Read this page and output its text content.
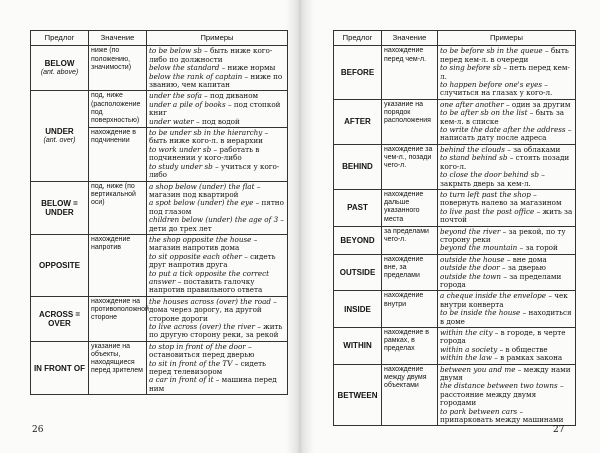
Предлог	Значение	Примеры
BELOW
(ant. above)	ниже (по положению, значимости)	to be below sb – быть ниже кого-либо по должности
below the standard – ниже нормы
below the rank of captain – ниже по званию, чем капитан

UNDER
(ant. over)	под, ниже (расположение под поверхностью)	under the sofa – под диваном
under a pile of books – под стопкой книг
under water – под водой

	нахождение в подчинении	to be under sb in the hierarchy – быть ниже кого-л. в иерархии
to work under sb – работать в подчинении у кого-либо
to study under sb – учиться у кого-либо

BELOW = UNDER	под, ниже (по вертикальной оси)	a shop below (under) the flat – магазин под квартирой
a spot below (under) the eye – пятно под глазом
children below (under) the age of 3 – дети до трех лет

OPPOSITE	нахождение напротив	the shop opposite the house – магазин напротив дома
to sit opposite each other – сидеть друг напротив друга
to put a tick opposite the correct answer – поставить галочку напротив правильного ответа

ACROSS = OVER	нахождение на противоположной стороне	the houses across (over) the road – дома через дорогу, на другой стороне дороги
to live across (over) the river – жить по другую сторону реки, за рекой

IN FRONT OF	указание на объекты, находящиеся перед зрителем	to stop in front of the door – остановиться перед дверью
to sit in front of the TV – сидеть перед телевизором
a car in front of it – машина перед ним
Предлог	Значение	Примеры
BEFORE	нахождение перед чем-л.	to be before sb in the queue – быть перед кем-л. в очереди
to sing before sb – петь перед кем-л.
to happen before one's eyes – случиться на глазах у кого-л.

AFTER	указание на порядок расположения	one after another – один за другим
to be after sb on the list – быть за кем-л. в списке
to write the date after the address – написать дату после адреса

BEHIND	нахождение за чем-л., позади чего-л.	behind the clouds – за облаками
to stand behind sb – стоять позади кого-л.
to close the door behind sb – закрыть дверь за кем-л.

PAST	нахождение дальше указанного места	to turn left past the shop – повернуть налево за магазином
to live past the post office – жить за почтой

BEYOND	за пределами чего-л.	beyond the river – за рекой, по ту сторону реки
beyond the mountain – за горой

OUTSIDE	нахождение вне, за пределами	outside the house – вне дома
outside the door – за дверью
outside the town – за пределами города

INSIDE	нахождение внутри	a cheque inside the envelope – чек внутри конверта
to be inside the house – находиться в доме

WITHIN	нахождение в рамках, в пределах	within the city – в городе, в черте города
within a society – в обществе
within the law – в рамках закона

BETWEEN	нахождение между двумя объектами	between you and me – между нами двумя
the distance between two towns – расстояние между двумя городами
to park between cars – припарковать между машинами
26	27
